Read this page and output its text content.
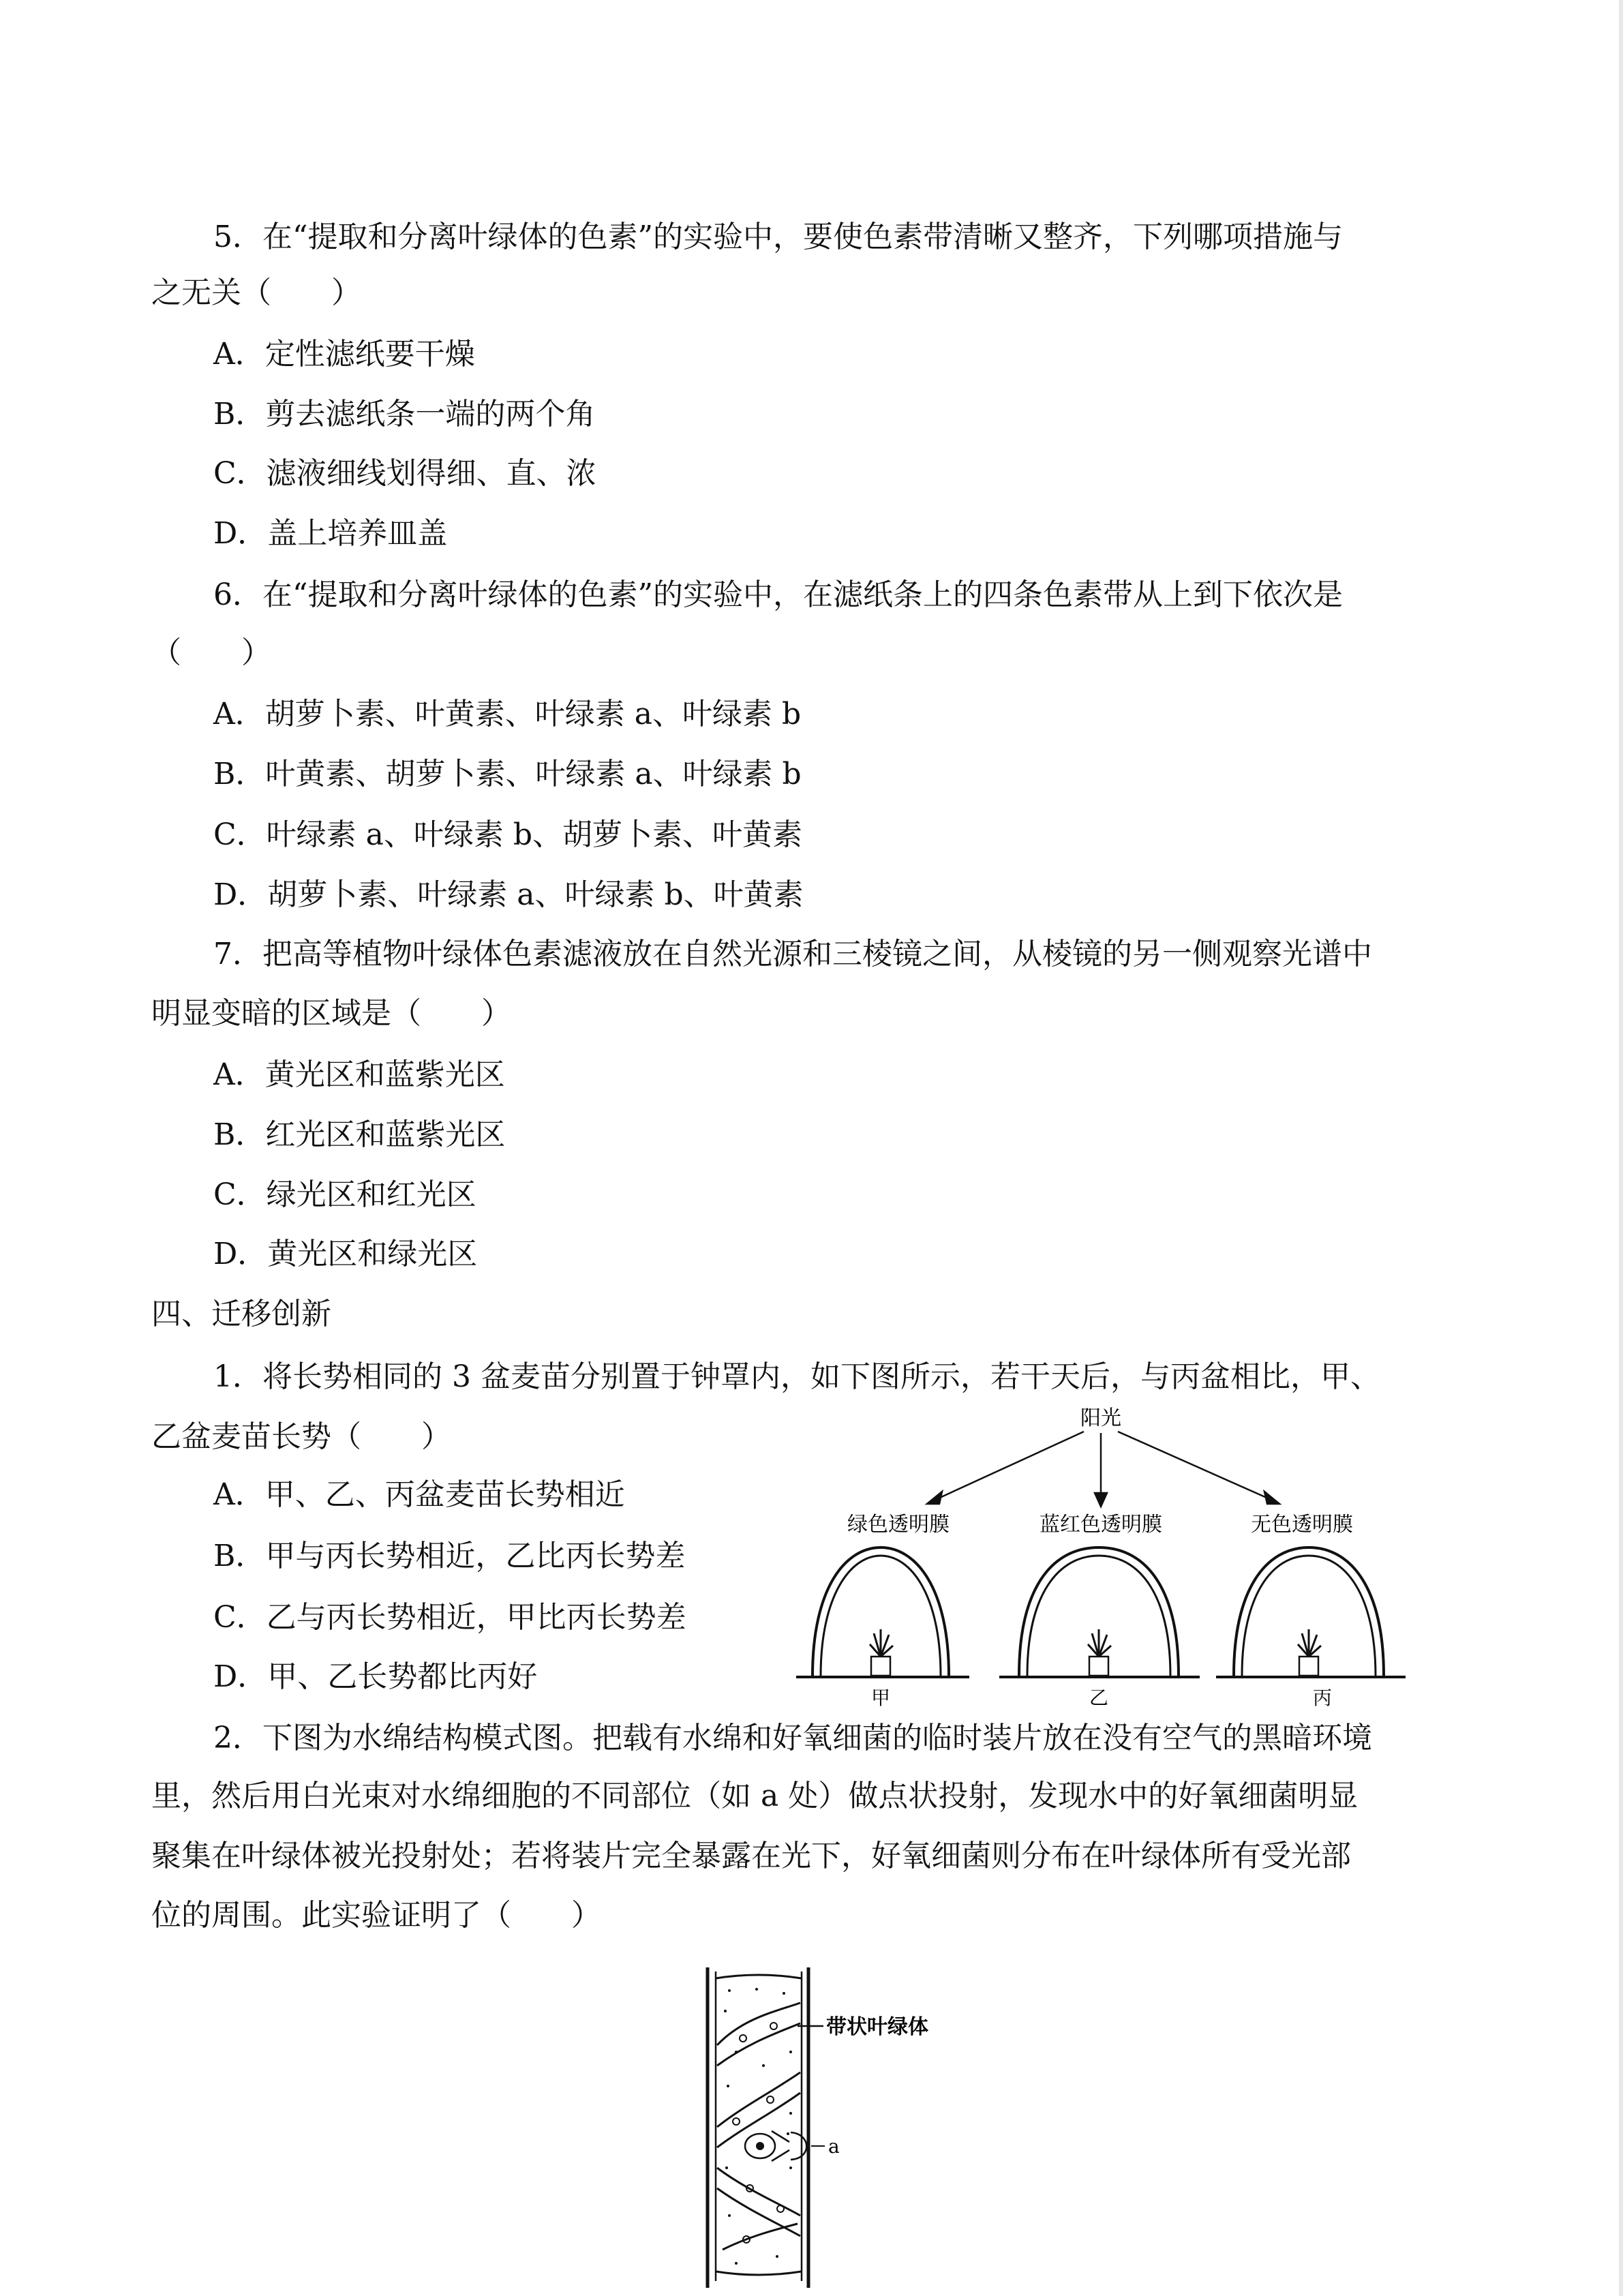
5．在“提取和分离叶绿体的色素”的实验中，要使色素带清晰又整齐，下列哪项措施与
之无关（　　）
A．定性滤纸要干燥
B．剪去滤纸条一端的两个角
C．滤液细线划得细、直、浓
D．盖上培养皿盖
6．在“提取和分离叶绿体的色素”的实验中，在滤纸条上的四条色素带从上到下依次是
（　　）
A．胡萝卜素、叶黄素、叶绿素 a、叶绿素 b
B．叶黄素、胡萝卜素、叶绿素 a、叶绿素 b
C．叶绿素 a、叶绿素 b、胡萝卜素、叶黄素
D．胡萝卜素、叶绿素 a、叶绿素 b、叶黄素
7．把高等植物叶绿体色素滤液放在自然光源和三棱镜之间，从棱镜的另一侧观察光谱中
明显变暗的区域是（　　）
A．黄光区和蓝紫光区
B．红光区和蓝紫光区
C．绿光区和红光区
D．黄光区和绿光区
四、迁移创新
1．将长势相同的 3 盆麦苗分别置于钟罩内，如下图所示，若干天后，与丙盆相比，甲、
乙盆麦苗长势（　　）
A．甲、乙、丙盆麦苗长势相近
B．甲与丙长势相近，乙比丙长势差
C．乙与丙长势相近，甲比丙长势差
D．甲、乙长势都比丙好
阳光
绿色透明膜	蓝红色透明膜	无色透明膜
甲	乙	丙
2．下图为水绵结构模式图。把载有水绵和好氧细菌的临时装片放在没有空气的黑暗环境
里，然后用白光束对水绵细胞的不同部位（如 a 处）做点状投射，发现水中的好氧细菌明显
聚集在叶绿体被光投射处；若将装片完全暴露在光下，好氧细菌则分布在叶绿体所有受光部
位的周围。此实验证明了（　　）
带状叶绿体
a
